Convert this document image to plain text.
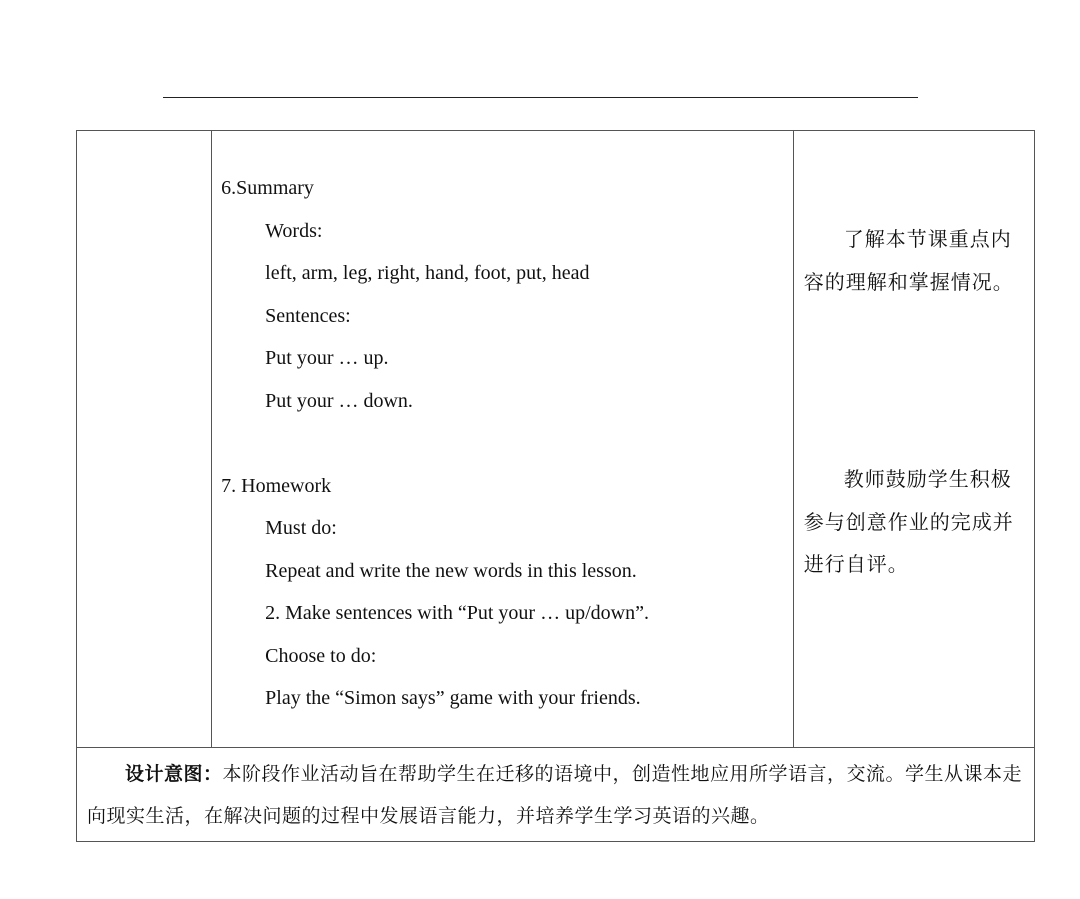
6.Summary
Words:
left, arm, leg, right, hand, foot, put, head
Sentences:
Put your … up.
Put your … down.
7. Homework
Must do:
Repeat and write the new words in this lesson.
2. Make sentences with “Put your … up/down”.
Choose to do:
Play the “Simon says” game with your friends.

了解本节课重点内容的理解和掌握情况。
教师鼓励学生积极参与创意作业的完成并进行自评。

设计意图：本阶段作业活动旨在帮助学生在迁移的语境中，创造性地应用所学语言，交流。学生从课本走向现实生活，在解决问题的过程中发展语言能力，并培养学生学习英语的兴趣。
